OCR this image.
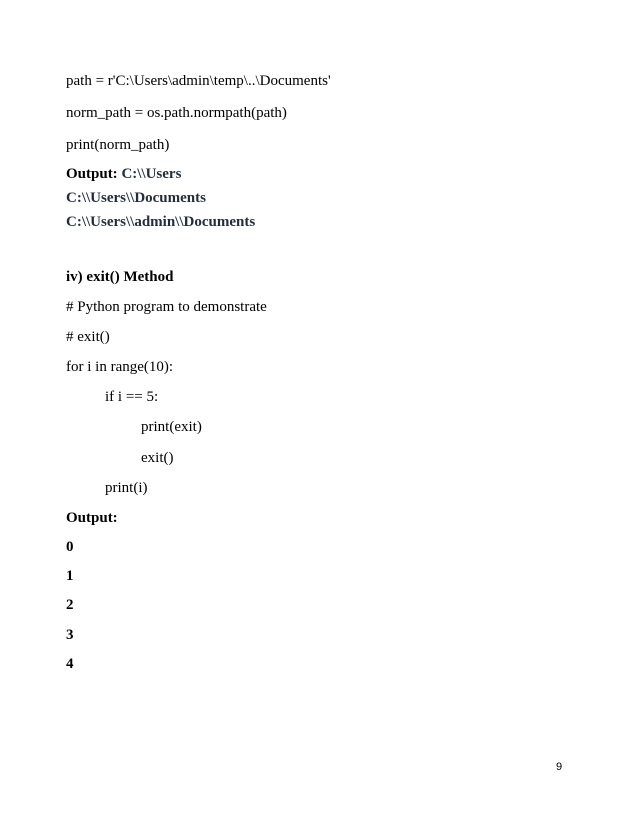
path = r'C:\Users\admin\temp\..\Documents'
norm_path = os.path.normpath(path)
print(norm_path)
Output: C:\\Users
C:\\Users\\Documents
C:\\Users\\admin\\Documents
iv) exit() Method
# Python program to demonstrate
# exit()
for i in range(10):
if i == 5:
print(exit)
exit()
print(i)
Output:
0
1
2
3
4
9
